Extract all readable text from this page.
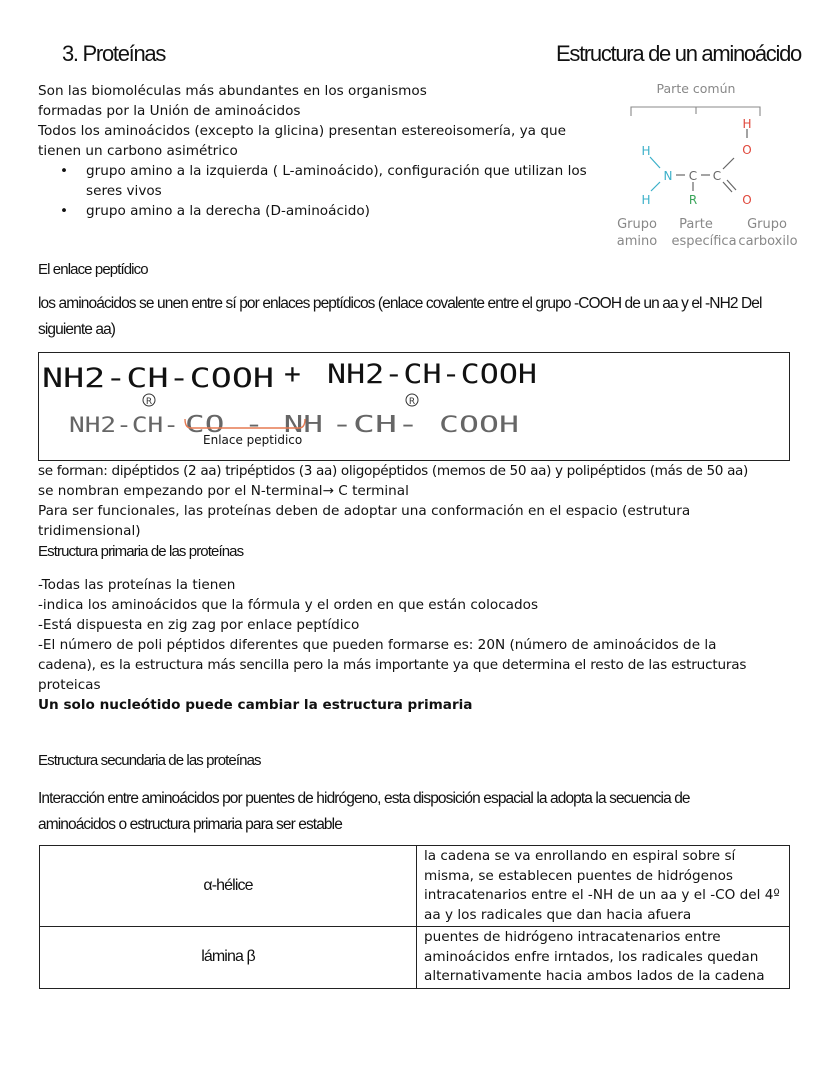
3. Proteínas	Estructura de un aminoácido
Son las biomoléculas más abundantes en los organismos
formadas por la Unión de aminoácidos
Todos los aminoácidos (excepto la glicina) presentan estereoisomería, ya que
tienen un carbono asimétrico
• grupo amino a la izquierda ( L-aminoácido), configuración que utilizan los seres vivos
• grupo amino a la derecha (D-aminoácido)
Parte común
H
O
H
N C C
H	R	O
Grupo
amino
Parte
específica
Grupo
carboxilo
El enlace peptídico
los aminoácidos se unen entre sí por enlaces peptídicos (enlace covalente entre el grupo -COOH de un aa y el -NH2 Del siguiente aa)
NH2-CH-COOH + NH2-CH-COOH
NH2-CH- CO - NH -CH- COOH
R	R
Enlace peptidico
se forman: dipéptidos (2 aa) tripéptidos (3 aa) oligopéptidos (memos de 50 aa) y polipéptidos (más de 50 aa)
se nombran empezando por el N-terminal→ C terminal
Para ser funcionales, las proteínas deben de adoptar una conformación en el espacio (estrutura
tridimensional)
Estructura primaria de las proteínas
-Todas las proteínas la tienen
-indica los aminoácidos que la fórmula y el orden en que están colocados
-Está dispuesta en zig zag por enlace peptídico
-El número de poli péptidos diferentes que pueden formarse es: 20N (número de aminoácidos de la
cadena), es la estructura más sencilla pero la más importante ya que determina el resto de las estructuras
proteicas
Un solo nucleótido puede cambiar la estructura primaria
Estructura secundaria de las proteínas
Interacción entre aminoácidos por puentes de hidrógeno, esta disposición espacial la adopta la secuencia de
aminoácidos o estructura primaria para ser estable
α-hélice	la cadena se va enrollando en espiral sobre sí misma, se establecen puentes de hidrógenos intracatenarios entre el -NH de un aa y el -CO del 4º aa y los radicales que dan hacia afuera
lámina β	puentes de hidrógeno intracatenarios entre aminoácidos enfre irntados, los radicales quedan alternativamente hacia ambos lados de la cadena
